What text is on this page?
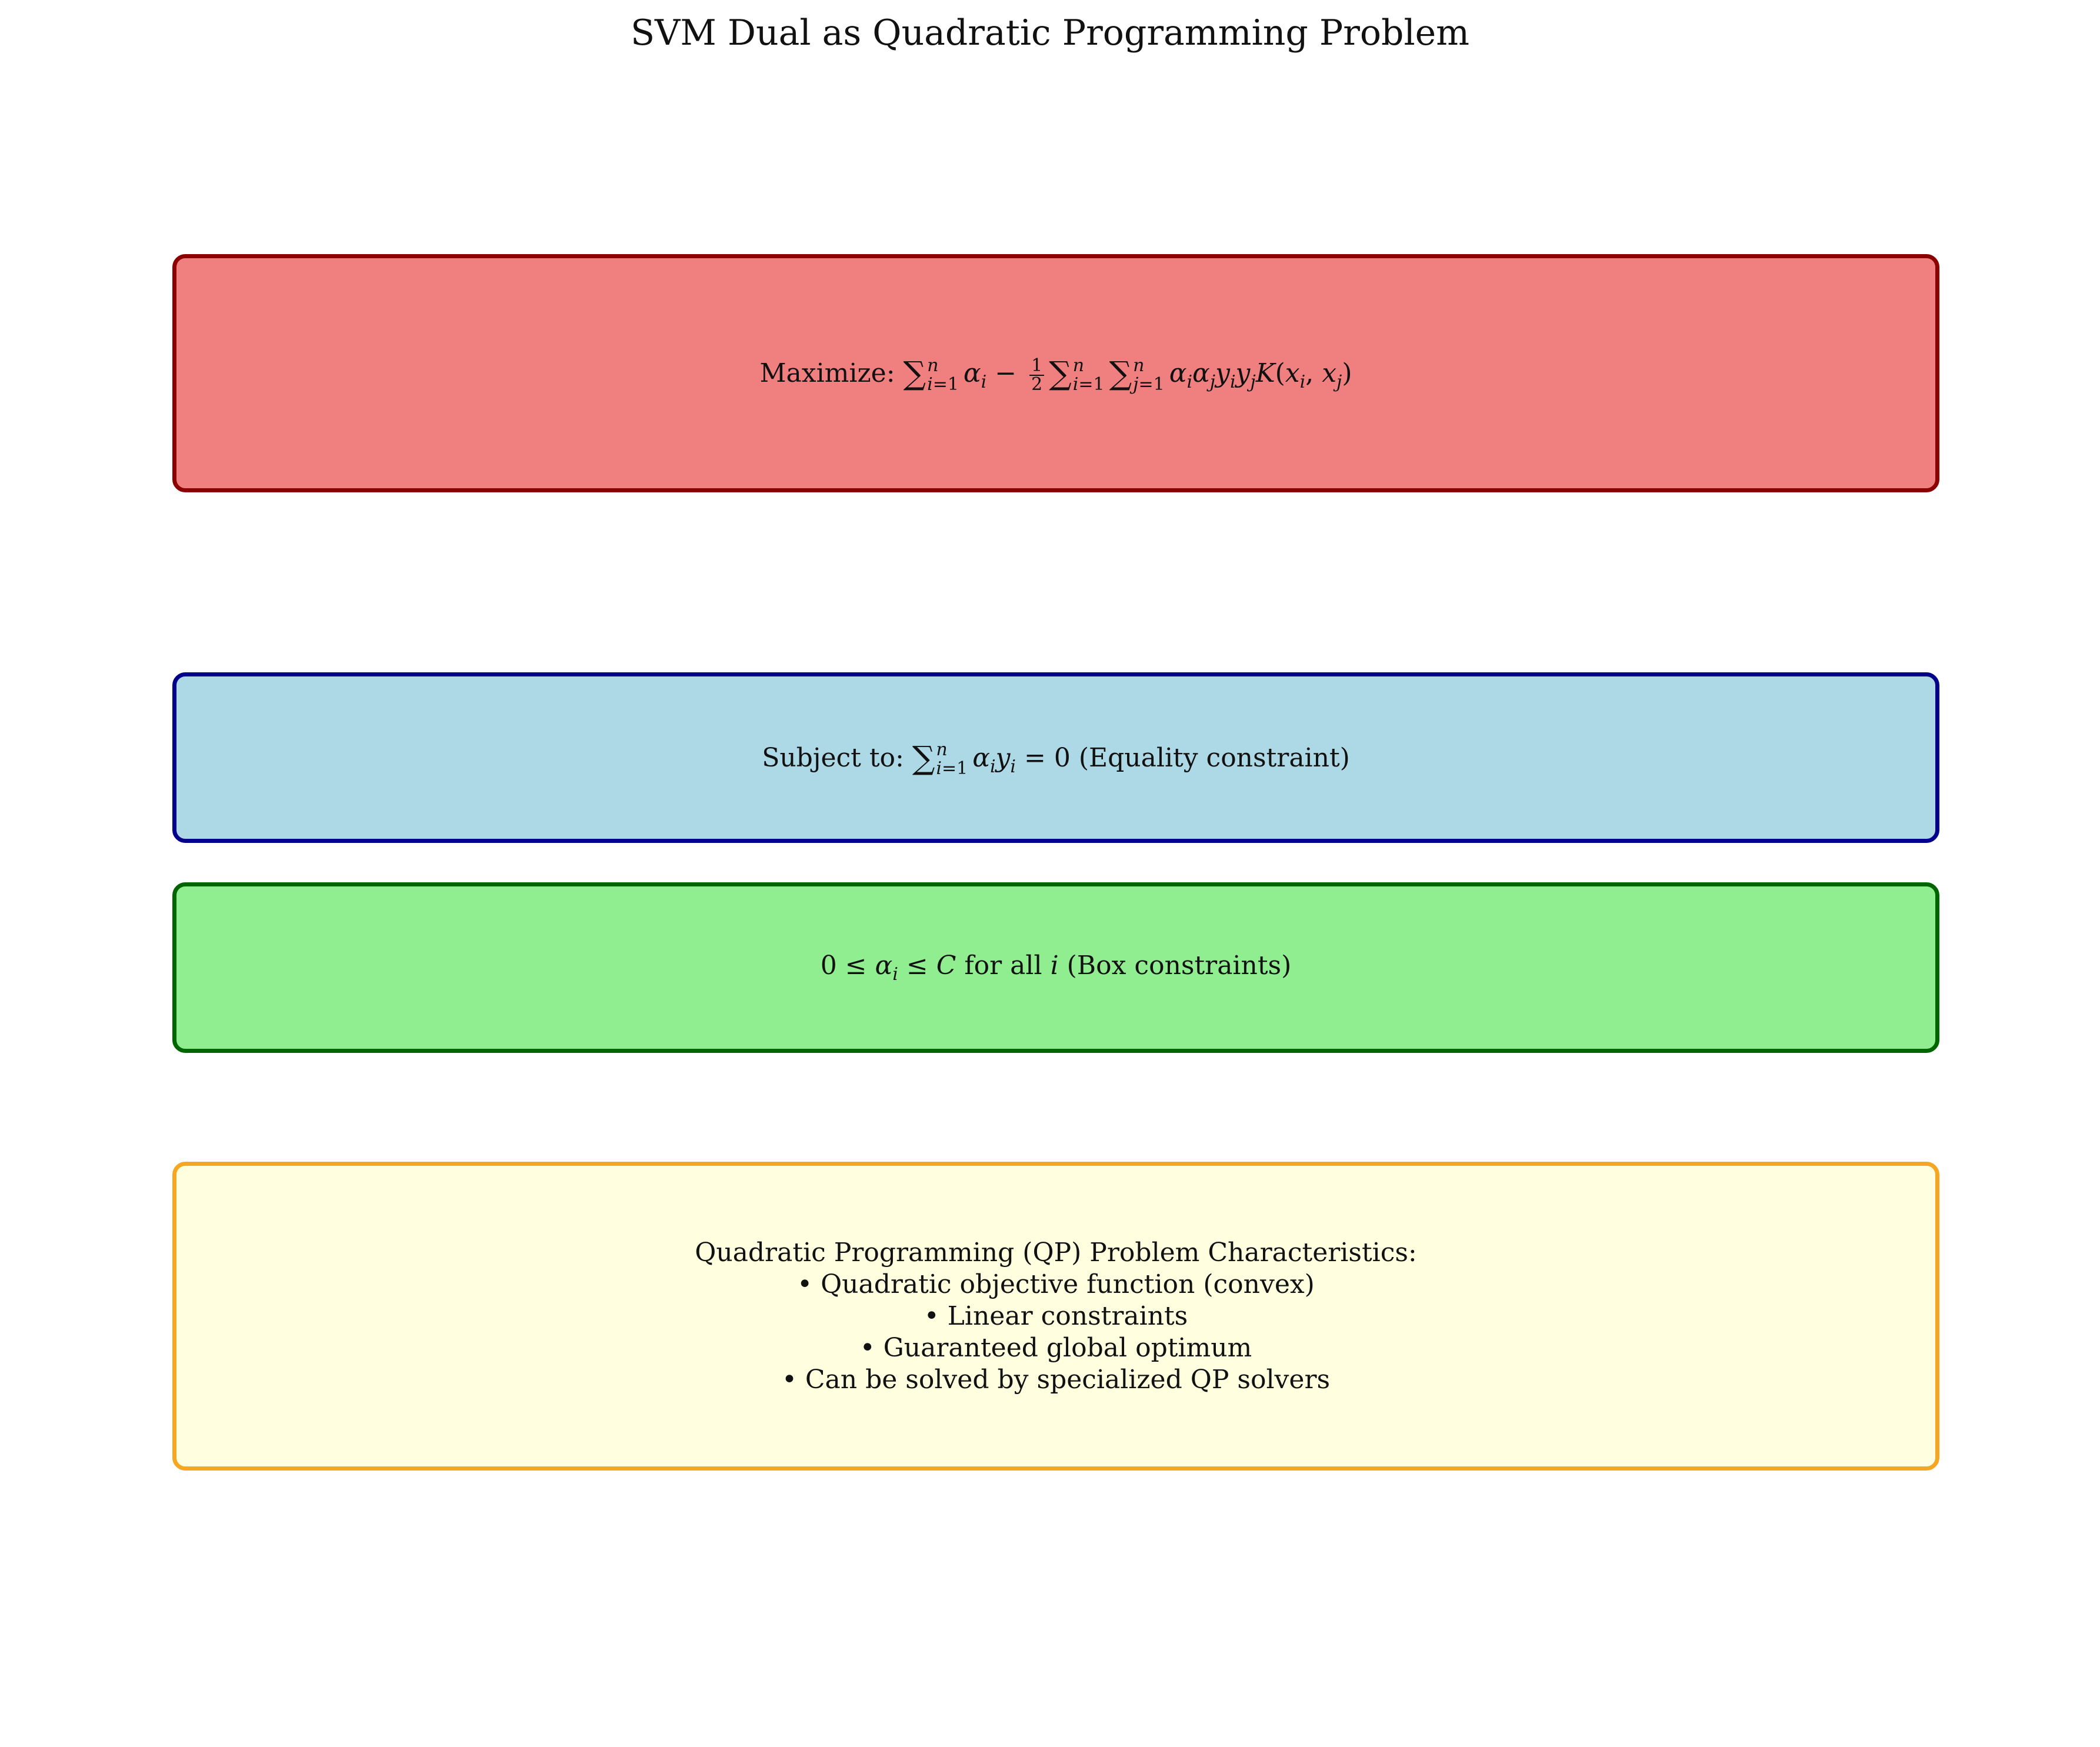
SVM Dual as Quadratic Programming Problem
Maximize: ∑ n
i=1 $\alpha_i - \frac{1}{2}$ ∑ n
i=1 ∑ n
j=1 $\alpha_i\alpha_jy_iy_jK(x_i$, $x_j$)
Subject to: ∑ n
i=1 $\alpha_iy_i = 0$ (Equality constraint)
$0 \le \alpha_i \le C$ for all i (Box constraints)
Quadratic Programming (QP) Problem Characteristics:
• Quadratic objective function (convex)
• Linear constraints
• Guaranteed global optimum
• Can be solved by specialized QP solvers
